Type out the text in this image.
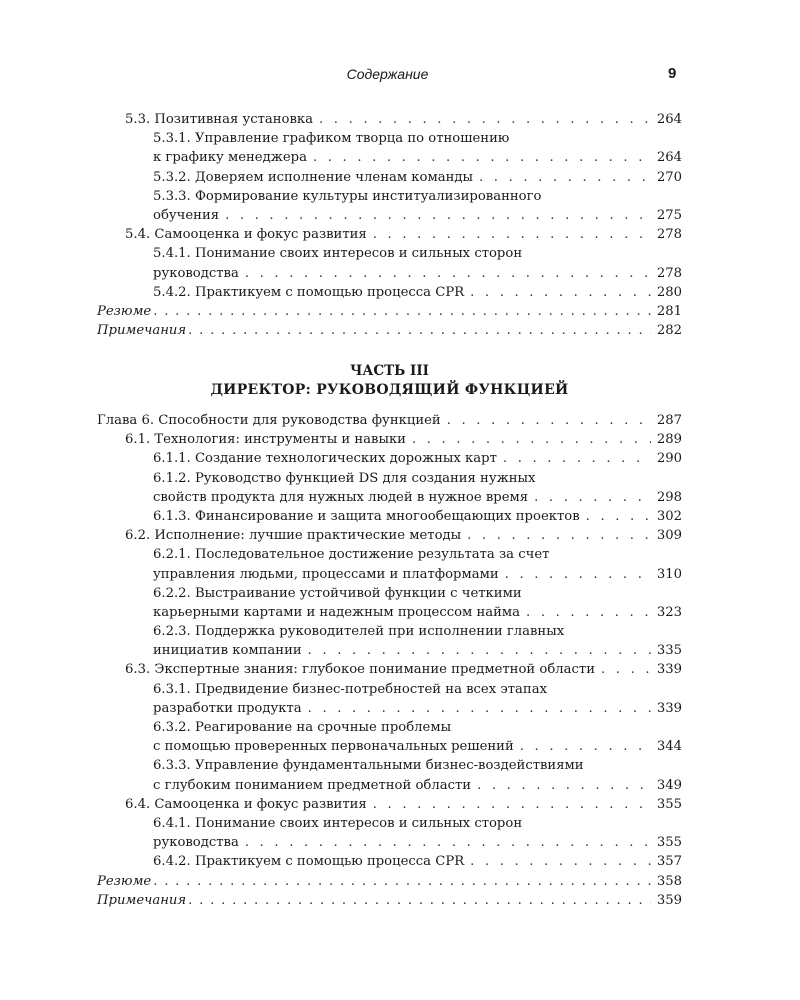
Содержание	9
5.3. Позитивная установка . . .	264
5.3.1. Управление графиком творца по отношению
к графику менеджера . . .	264
5.3.2. Доверяем исполнение членам команды . . .	270
5.3.3. Формирование культуры институализированного
обучения . . .	275
5.4. Самооценка и фокус развития . . .	278
5.4.1. Понимание своих интересов и сильных сторон
руководства . . .	278
5.4.2. Практикуем с помощью процесса CPR . . .	280
Резюме . . .	281
Примечания . . .	282
ЧАСТЬ III
ДИРЕКТОР: РУКОВОДЯЩИЙ ФУНКЦИЕЙ
Глава 6. Способности для руководства функцией . . .	287
6.1. Технология: инструменты и навыки . . .	289
6.1.1. Создание технологических дорожных карт . . .	290
6.1.2. Руководство функцией DS для создания нужных
свойств продукта для нужных людей в нужное время . . .	298
6.1.3. Финансирование и защита многообещающих проектов . . .	302
6.2. Исполнение: лучшие практические методы . . .	309
6.2.1. Последовательное достижение результата за счет
управления людьми, процессами и платформами . . .	310
6.2.2. Выстраивание устойчивой функции с четкими
карьерными картами и надежным процессом найма . . .	323
6.2.3. Поддержка руководителей при исполнении главных
инициатив компании . . .	335
6.3. Экспертные знания: глубокое понимание предметной области . . .	339
6.3.1. Предвидение бизнес-потребностей на всех этапах
разработки продукта . . .	339
6.3.2. Реагирование на срочные проблемы
с помощью проверенных первоначальных решений . . .	344
6.3.3. Управление фундаментальными бизнес-воздействиями
с глубоким пониманием предметной области . . .	349
6.4. Самооценка и фокус развития . . .	355
6.4.1. Понимание своих интересов и сильных сторон
руководства . . .	355
6.4.2. Практикуем с помощью процесса CPR . . .	357
Резюме . . .	358
Примечания . . .	359
